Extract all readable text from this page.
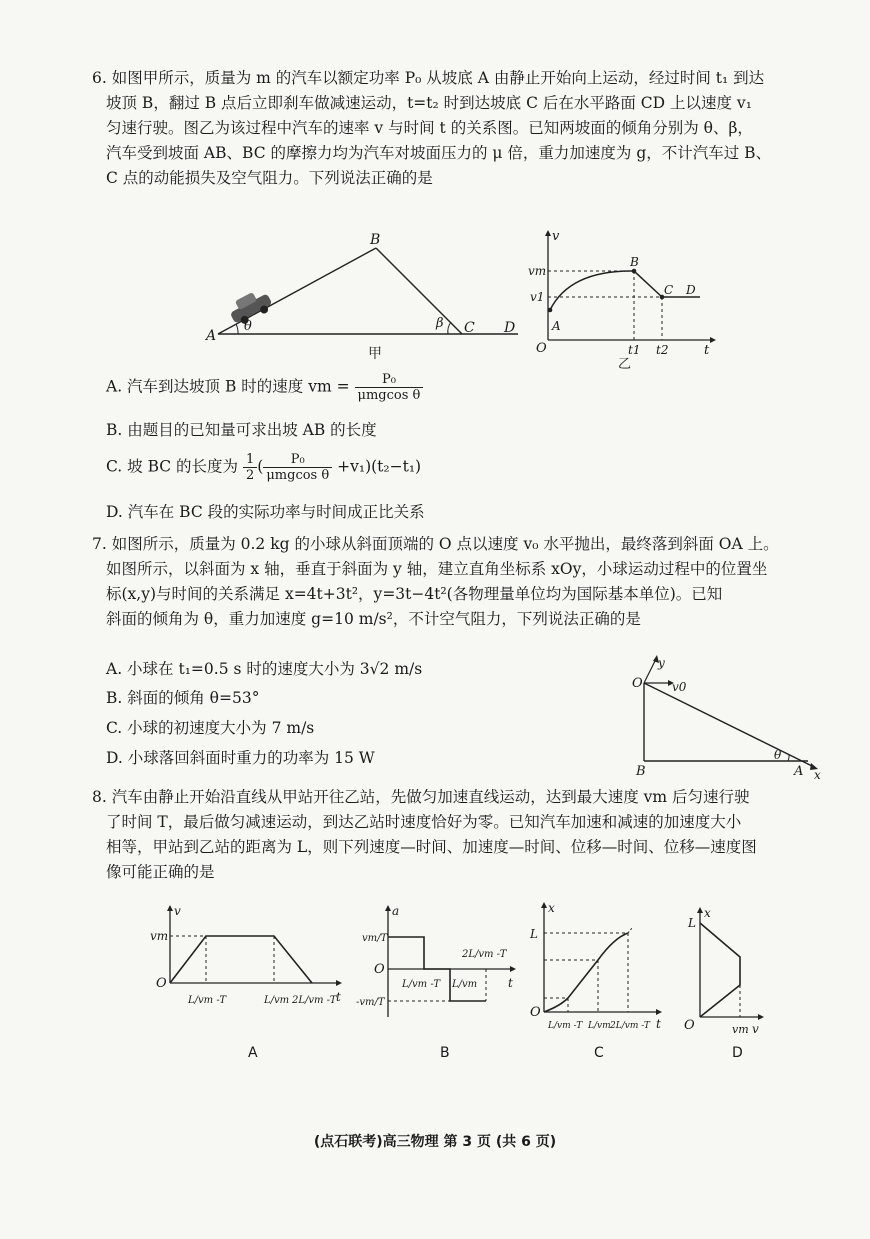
6. 如图甲所示，质量为 m 的汽车以额定功率 P₀ 从坡底 A 由静止开始向上运动，经过时间 t₁ 到达
坡顶 B，翻过 B 点后立即刹车做减速运动，t=t₂ 时到达坡底 C 后在水平路面 CD 上以速度 v₁
匀速行驶。图乙为该过程中汽车的速率 v 与时间 t 的关系图。已知两坡面的倾角分别为 θ、β，
汽车受到坡面 AB、BC 的摩擦力均为汽车对坡面压力的 μ 倍，重力加速度为 g，不计汽车过 B、
C 点的动能损失及空气阻力。下列说法正确的是
A
B
C D
θ	β
甲
v
t
O
vm
v1
t1 t2
A
B
C D
乙
A. 汽车到达坡顶 B 时的速度 vm = $\frac{\text{P₀}}{\text{μmgcos θ}}$
B. 由题目的已知量可求出坡 AB 的长度
C. 坡 BC 的长度为 $\frac{1}{2}$ ( $\frac{\text{P₀}}{\text{μmgcos θ}} +v_1)(t_2-t_1)$
D. 汽车在 BC 段的实际功率与时间成正比关系
7. 如图所示，质量为 0.2 kg 的小球从斜面顶端的 O 点以速度 v₀ 水平抛出，最终落到斜面 OA 上。
如图所示，以斜面为 x 轴，垂直于斜面为 y 轴，建立直角坐标系 xOy，小球运动过程中的位置坐
标(x,y)与时间的关系满足 x=4t+3t²，y=3t−4t²(各物理量单位均为国际基本单位)。已知
斜面的倾角为 θ，重力加速度 g=10 m/s²，不计空气阻力，下列说法正确的是
A. 小球在 t₁=0.5 s 时的速度大小为 3√2 m/s
B. 斜面的倾角 θ=53°
C. 小球的初速度大小为 7 m/s
D. 小球落回斜面时重力的功率为 15 W
O v0
y
x
B	A
θ
8. 汽车由静止开始沿直线从甲站开往乙站，先做匀加速直线运动，达到最大速度 vm 后匀速行驶
了时间 T，最后做匀减速运动，到达乙站时速度恰好为零。已知汽车加速和减速的加速度大小
相等，甲站到乙站的距离为 L，则下列速度—时间、加速度—时间、位移—时间、位移—速度图
像可能正确的是
v
t
O
vm
L/vm -T	L/vm 2L/vm -T
a
t
O
vm/T
-vm/T
L/vm -T L/vm
2L/vm -T
x
t
O
L
L/vm -T L/vm 2L/vm -T
x
v
O
L
vm
A	B	C	D
(点石联考)高三物理 第 3 页 (共 6 页)
